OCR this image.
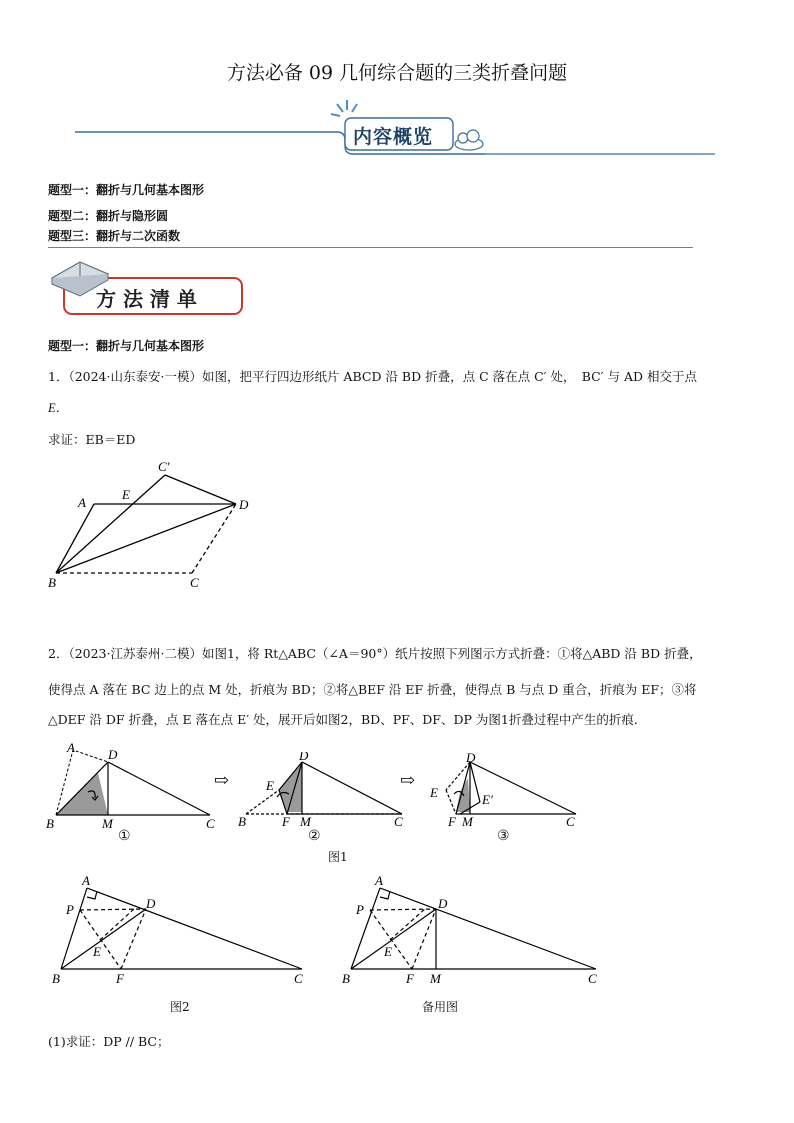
方法必备 09 几何综合题的三类折叠问题
内容概览
题型一：翻折与几何基本图形
题型二：翻折与隐形圆
题型三：翻折与二次函数
方 法 清 单
题型一：翻折与几何基本图形
1．（2024·山东泰安·一模）如图，把平行四边形纸片 ABCD 沿 BD 折叠，点 C 落在点 C′ 处，　BC′ 与 AD 相交于点
E．
求证：EB＝ED
A
E
C′
D
B	C
2．（2023·江苏泰州·二模）如图1，将 Rt△ABC（∠A＝90°）纸片按照下列图示方式折叠：①将△ABD 沿 BD 折叠，
使得点 A 落在 BC 边上的点 M 处，折痕为 BD；②将△BEF 沿 EF 折叠，使得点 B 与点 D 重合，折痕为 EF；③将
△DEF 沿 DF 折叠，点 E 落在点 E′ 处，展开后如图2，BD、PF、DF、DP 为图1折叠过程中产生的折痕．
A	D
B	M	C
①
⇨
D
E
B	F M	C
②
⇨
D
E	E′
F M	C
③
图1
A
P	D
E
B	F	C
图2
A
P	D
E
B	F M	C
备用图
(1)求证：DP // BC；
